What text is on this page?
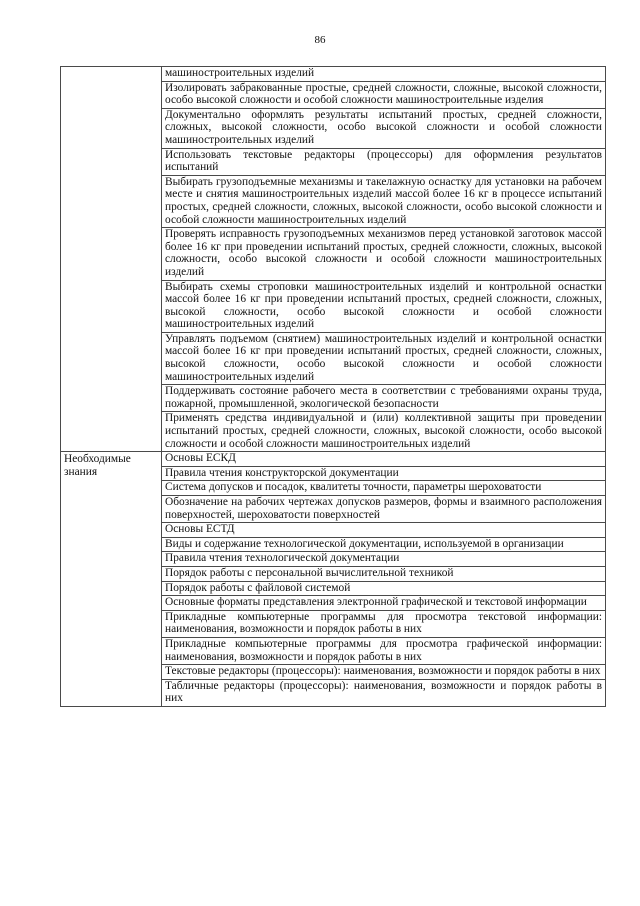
86
	машиностроительных изделий
	Изолировать забракованные простые, средней сложности, сложные, высокой сложности, особо высокой сложности и особой сложности машиностроительные изделия
	Документально оформлять результаты испытаний простых, средней сложности, сложных, высокой сложности, особо высокой сложности и особой сложности машиностроительных изделий
	Использовать текстовые редакторы (процессоры) для оформления результатов испытаний
	Выбирать грузоподъемные механизмы и такелажную оснастку для установки на рабочем месте и снятия машиностроительных изделий массой более 16 кг в процессе испытаний простых, средней сложности, сложных, высокой сложности, особо высокой сложности и особой сложности машиностроительных изделий
	Проверять исправность грузоподъемных механизмов перед установкой заготовок массой более 16 кг при проведении испытаний простых, средней сложности, сложных, высокой сложности, особо высокой сложности и особой сложности машиностроительных изделий
	Выбирать схемы строповки машиностроительных изделий и контрольной оснастки массой более 16 кг при проведении испытаний простых, средней сложности, сложных, высокой сложности, особо высокой сложности и особой сложности машиностроительных изделий
	Управлять подъемом (снятием) машиностроительных изделий и контрольной оснастки массой более 16 кг при проведении испытаний простых, средней сложности, сложных, высокой сложности, особо высокой сложности и особой сложности машиностроительных изделий
	Поддерживать состояние рабочего места в соответствии с требованиями охраны труда, пожарной, промышленной, экологической безопасности
	Применять средства индивидуальной и (или) коллективной защиты при проведении испытаний простых, средней сложности, сложных, высокой сложности, особо высокой сложности и особой сложности машиностроительных изделий
Необходимые знания	Основы ЕСКД
	Правила чтения конструкторской документации
	Система допусков и посадок, квалитеты точности, параметры шероховатости
	Обозначение на рабочих чертежах допусков размеров, формы и взаимного расположения поверхностей, шероховатости поверхностей
	Основы ЕСТД
	Виды и содержание технологической документации, используемой в организации
	Правила чтения технологической документации
	Порядок работы с персональной вычислительной техникой
	Порядок работы с файловой системой
	Основные форматы представления электронной графической и текстовой информации
	Прикладные компьютерные программы для просмотра текстовой информации: наименования, возможности и порядок работы в них
	Прикладные компьютерные программы для просмотра графической информации: наименования, возможности и порядок работы в них
	Текстовые редакторы (процессоры): наименования, возможности и порядок работы в них
	Табличные редакторы (процессоры): наименования, возможности и порядок работы в них
